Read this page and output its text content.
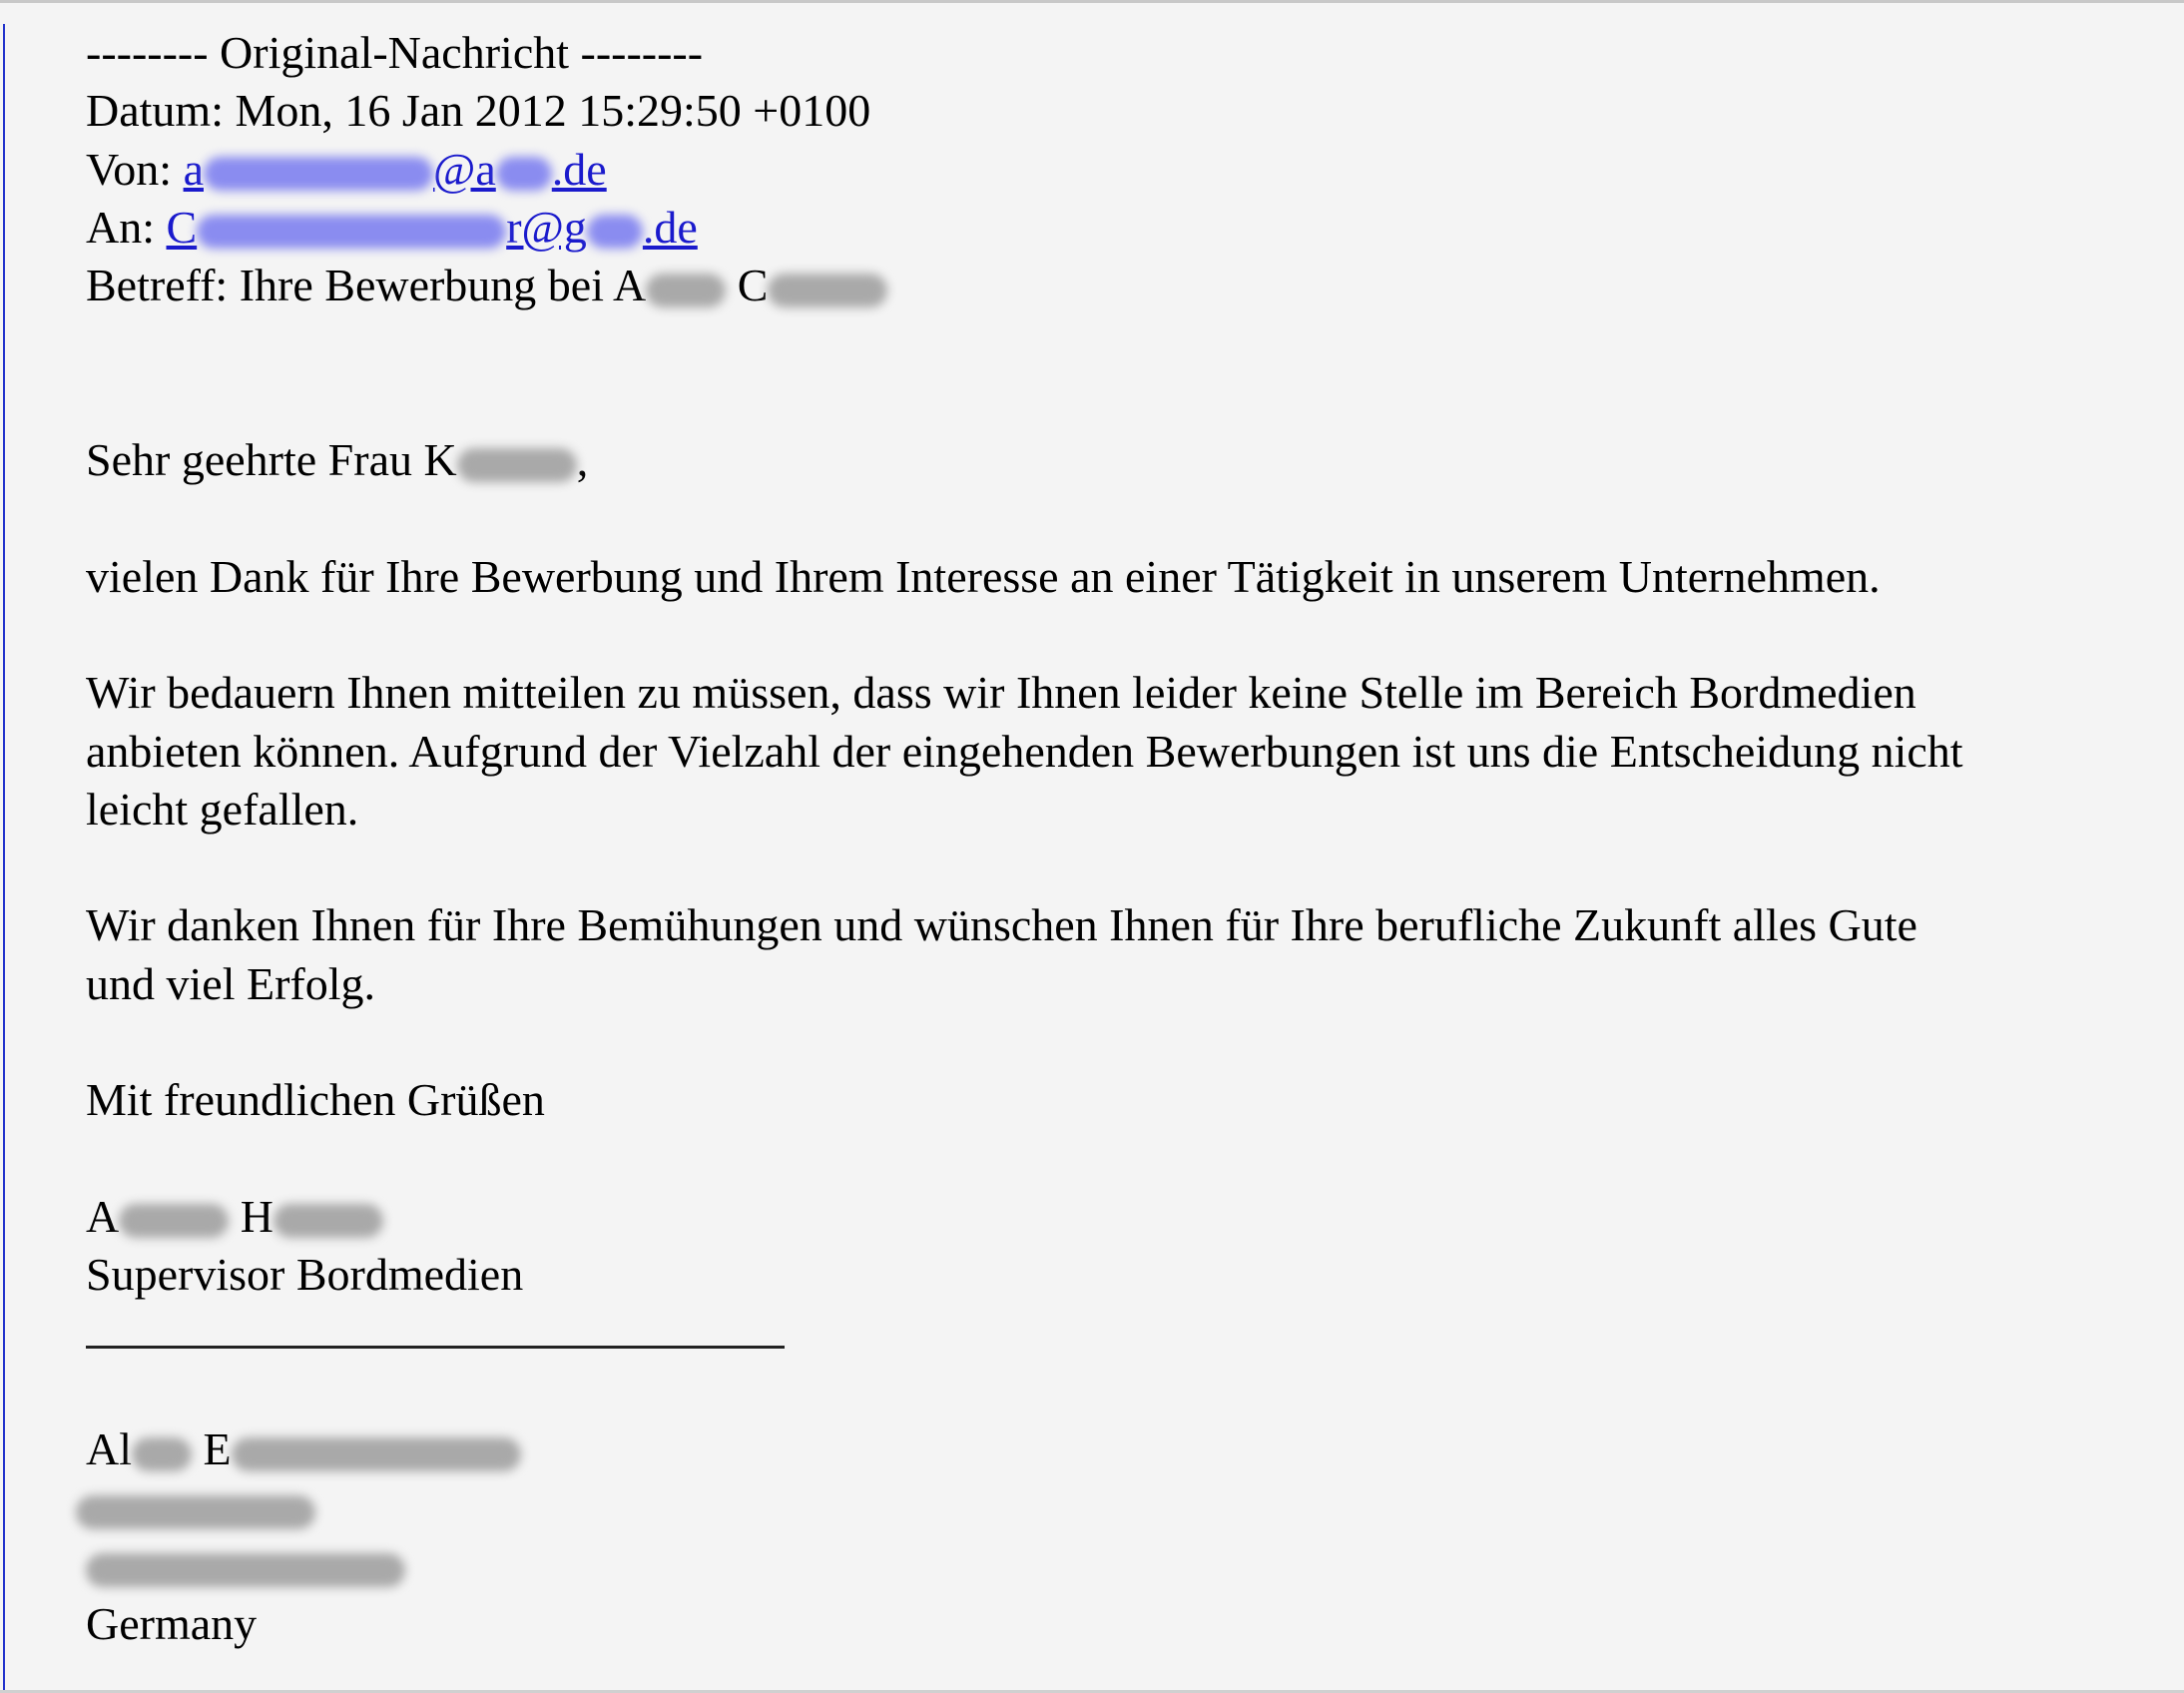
-------- Original-Nachricht --------
Datum: Mon, 16 Jan 2012 15:29:50 +0100
Von: a	@a .de
An: C	r@g .de
Betreff: Ihre Bewerbung bei A C
Sehr geehrte Frau K	,
vielen Dank für Ihre Bewerbung und Ihrem Interesse an einer Tätigkeit in unserem Unternehmen.
Wir bedauern Ihnen mitteilen zu müssen, dass wir Ihnen leider keine Stelle im Bereich Bordmedien
anbieten können. Aufgrund der Vielzahl der eingehenden Bewerbungen ist uns die Entscheidung nicht
leicht gefallen.
Wir danken Ihnen für Ihre Bemühungen und wünschen Ihnen für Ihre berufliche Zukunft alles Gute
und viel Erfolg.
Mit freundlichen Grüßen
A	H
Supervisor Bordmedien
Al E
Germany
